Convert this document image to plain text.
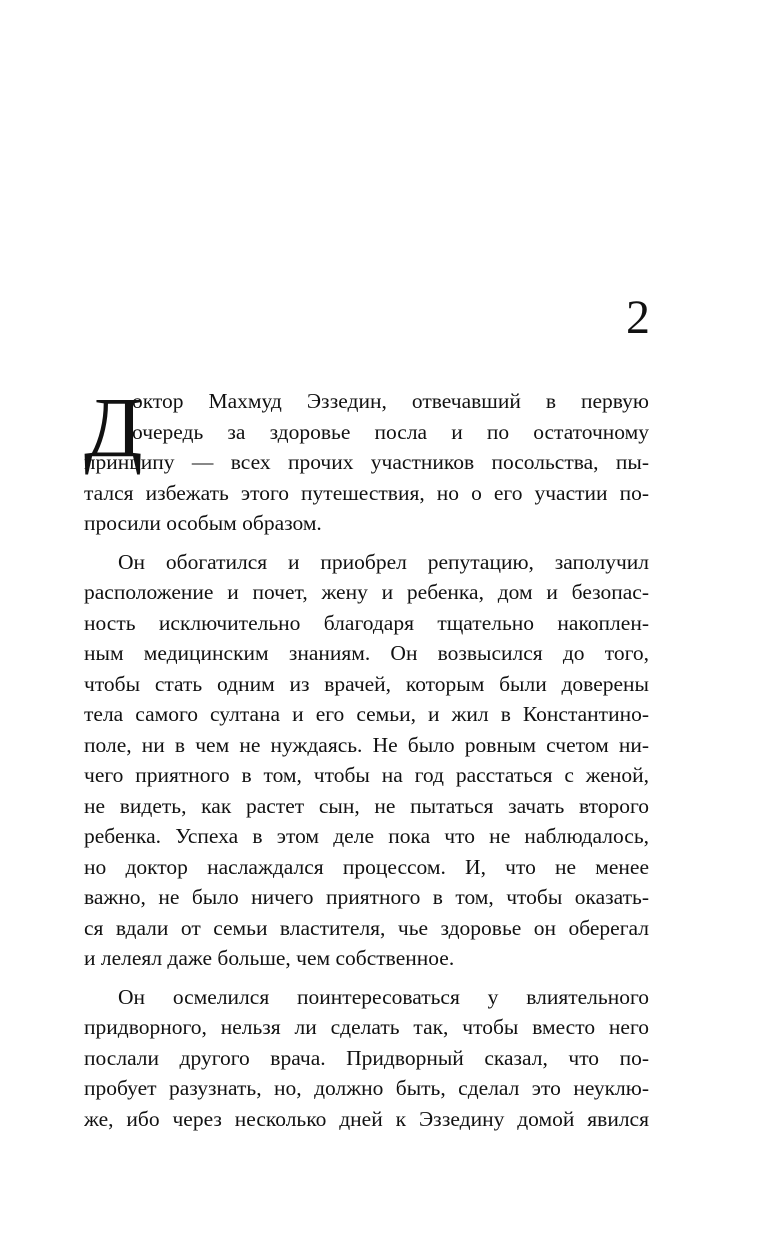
2
Д
октор Махмуд Эззедин, отвечавший в первую
очередь за здоровье посла и по остаточному
принципу — всех прочих участников посольства, пы-
тался избежать этого путешествия, но о его участии по-
просили особым образом.
Он обогатился и приобрел репутацию, заполучил
расположение и почет, жену и ребенка, дом и безопас-
ность исключительно благодаря тщательно накоплен-
ным медицинским знаниям. Он возвысился до того,
чтобы стать одним из врачей, которым были доверены
тела самого султана и его семьи, и жил в Константино-
поле, ни в чем не нуждаясь. Не было ровным счетом ни-
чего приятного в том, чтобы на год расстаться с женой,
не видеть, как растет сын, не пытаться зачать второго
ребенка. Успеха в этом деле пока что не наблюдалось,
но доктор наслаждался процессом. И, что не менее
важно, не было ничего приятного в том, чтобы оказать-
ся вдали от семьи властителя, чье здоровье он оберегал
и лелеял даже больше, чем собственное.
Он осмелился поинтересоваться у влиятельного
придворного, нельзя ли сделать так, чтобы вместо него
послали другого врача. Придворный сказал, что по-
пробует разузнать, но, должно быть, сделал это неуклю-
же, ибо через несколько дней к Эззедину домой явился
